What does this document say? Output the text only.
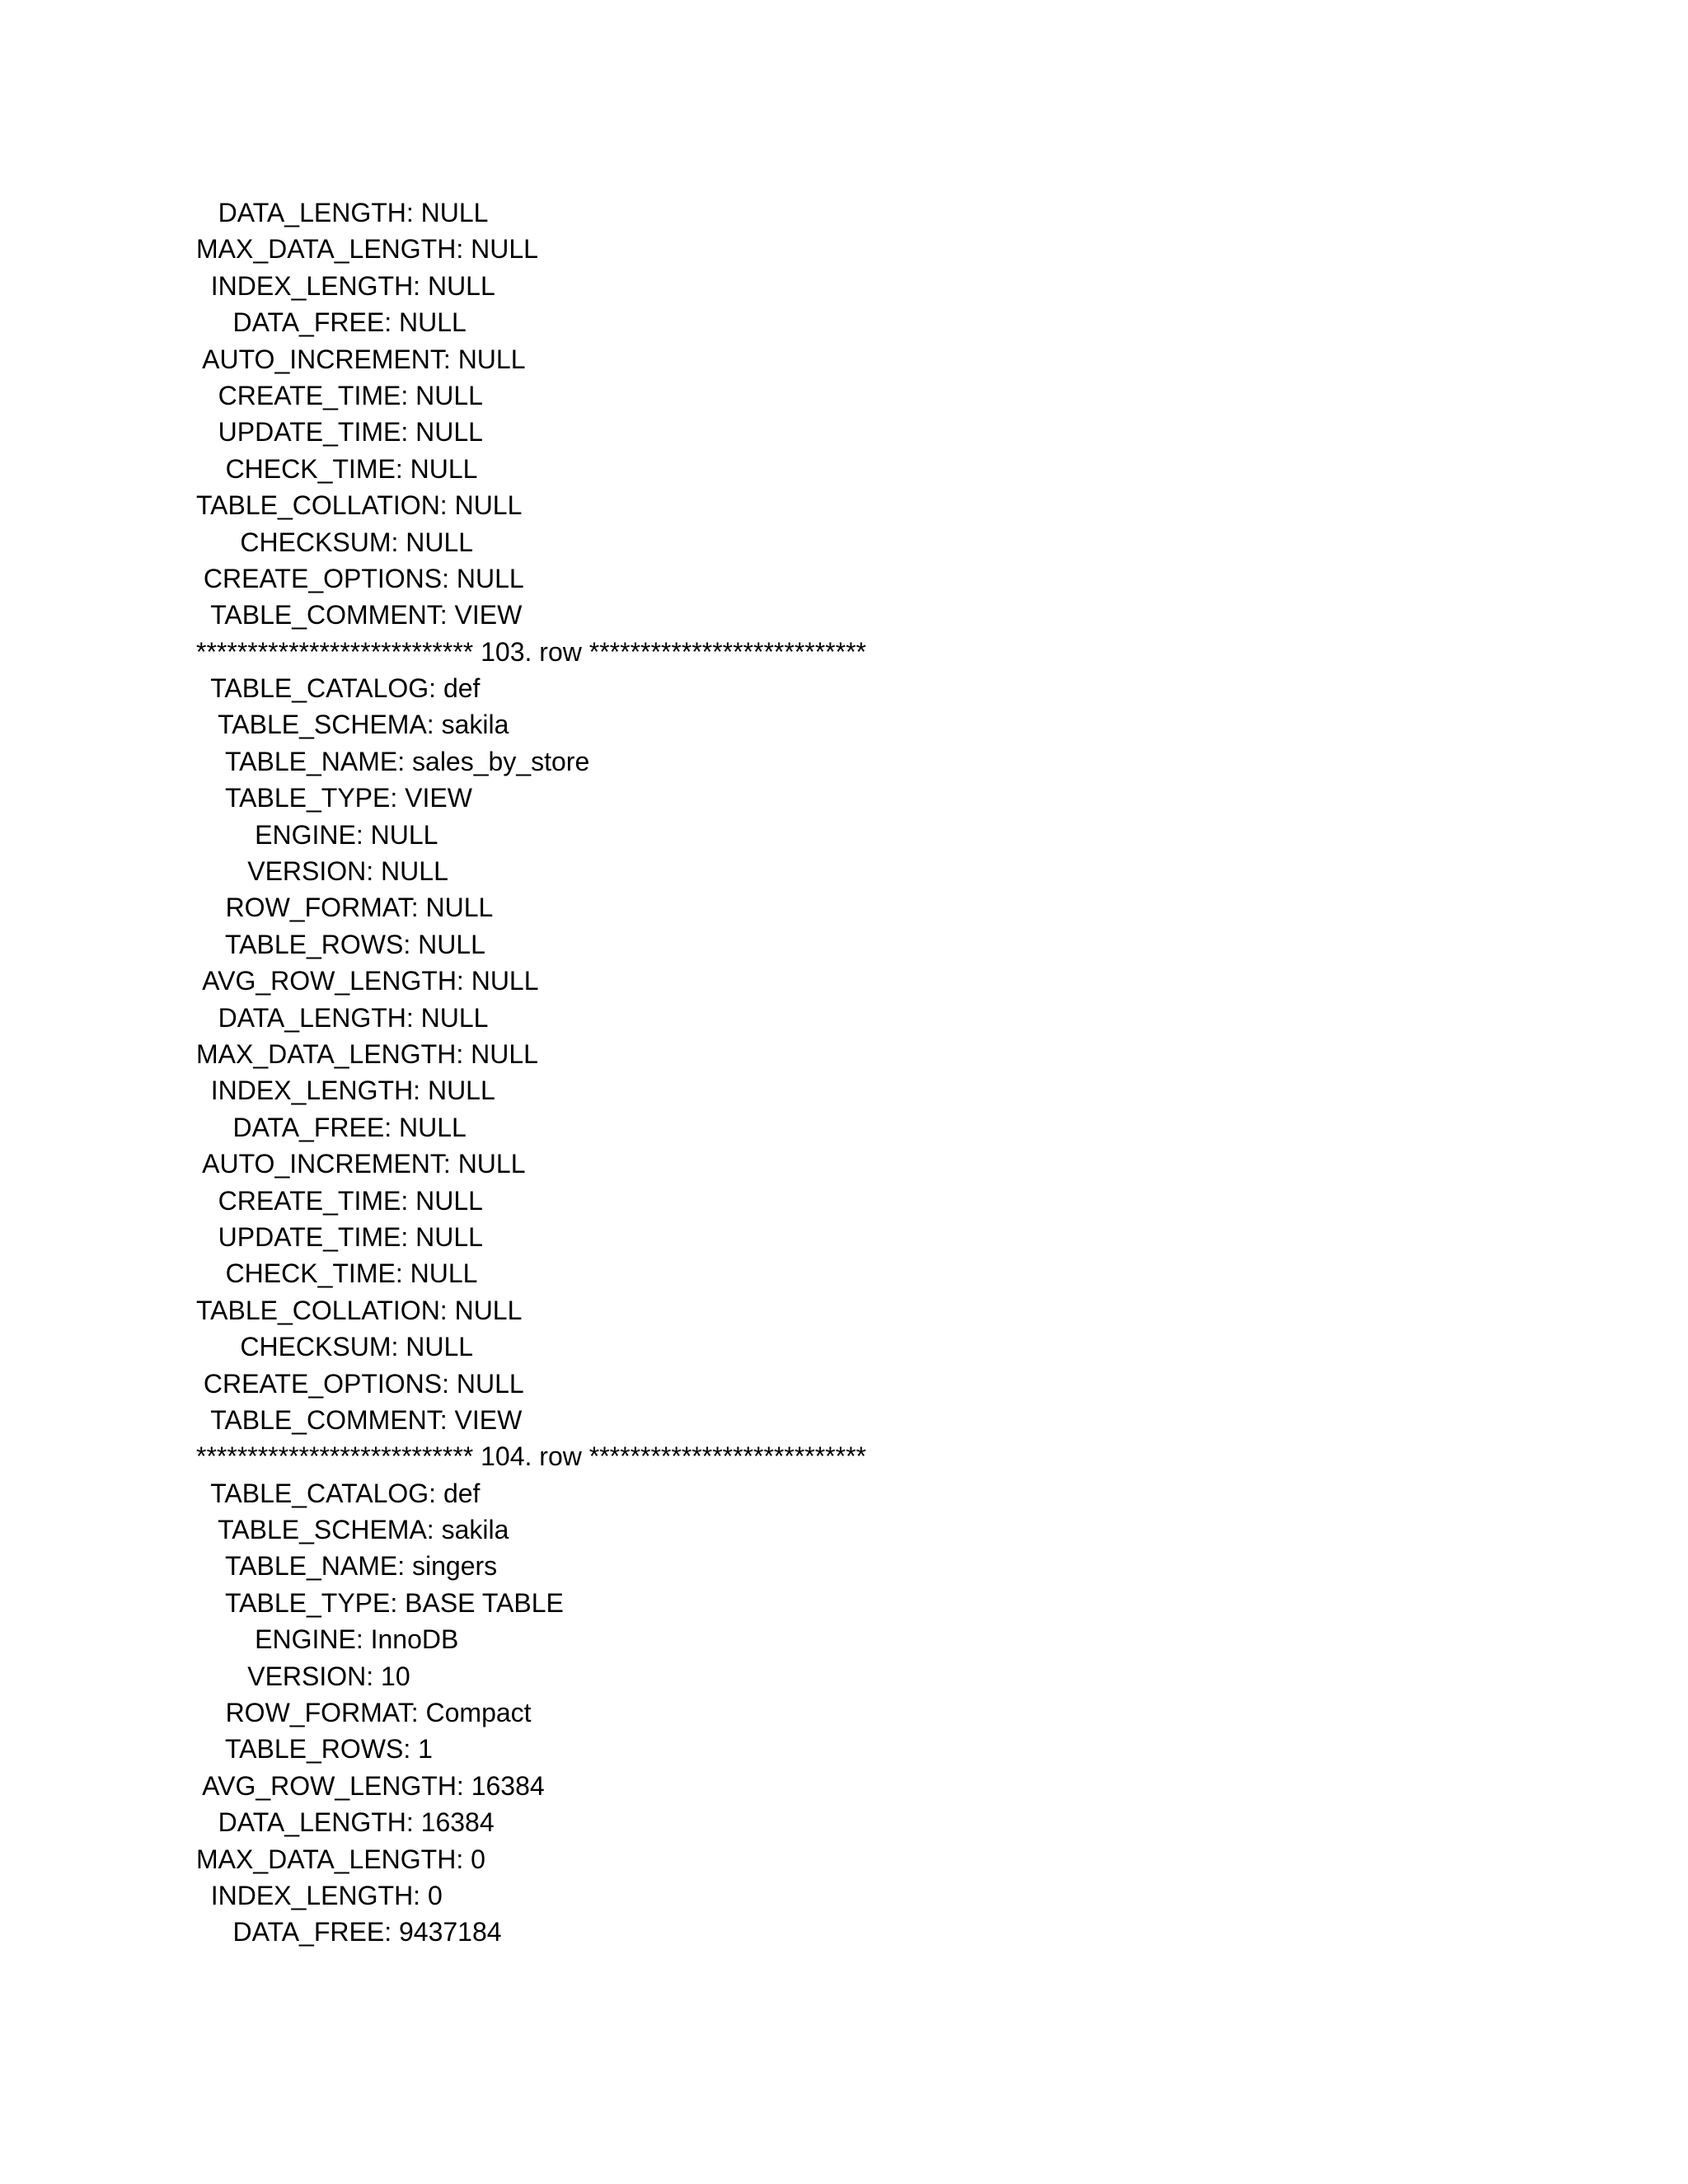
DATA_LENGTH: NULL
MAX_DATA_LENGTH: NULL
INDEX_LENGTH: NULL
DATA_FREE: NULL
AUTO_INCREMENT: NULL
CREATE_TIME: NULL
UPDATE_TIME: NULL
CHECK_TIME: NULL
TABLE_COLLATION: NULL
CHECKSUM: NULL
CREATE_OPTIONS: NULL
TABLE_COMMENT: VIEW
*************************** 103. row ***************************
TABLE_CATALOG: def
TABLE_SCHEMA: sakila
TABLE_NAME: sales_by_store
TABLE_TYPE: VIEW
ENGINE: NULL
VERSION: NULL
ROW_FORMAT: NULL
TABLE_ROWS: NULL
AVG_ROW_LENGTH: NULL
DATA_LENGTH: NULL
MAX_DATA_LENGTH: NULL
INDEX_LENGTH: NULL
DATA_FREE: NULL
AUTO_INCREMENT: NULL
CREATE_TIME: NULL
UPDATE_TIME: NULL
CHECK_TIME: NULL
TABLE_COLLATION: NULL
CHECKSUM: NULL
CREATE_OPTIONS: NULL
TABLE_COMMENT: VIEW
*************************** 104. row ***************************
TABLE_CATALOG: def
TABLE_SCHEMA: sakila
TABLE_NAME: singers
TABLE_TYPE: BASE TABLE
ENGINE: InnoDB
VERSION: 10
ROW_FORMAT: Compact
TABLE_ROWS: 1
AVG_ROW_LENGTH: 16384
DATA_LENGTH: 16384
MAX_DATA_LENGTH: 0
INDEX_LENGTH: 0
DATA_FREE: 9437184
